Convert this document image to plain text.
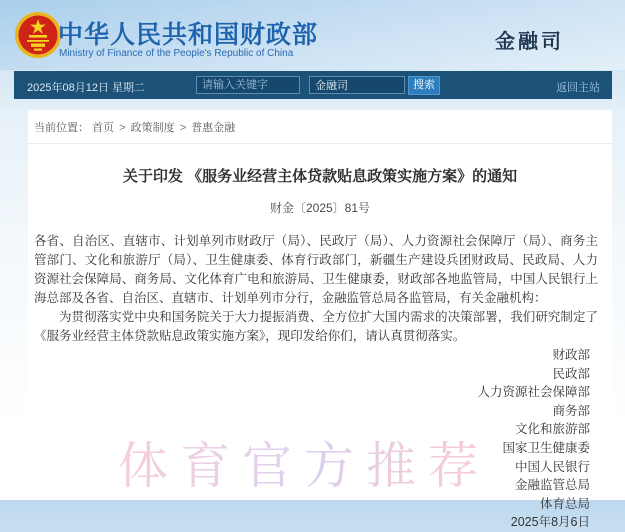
中华人民共和国财政部
Ministry of Finance of the People's Republic of China
金融司
2025年08月12日 星期二
请输入关键字
金融司	搜索	返回主站
当前位置： 首页 > 政策制度 > 普惠金融
关于印发 《服务业经营主体贷款贴息政策实施方案》的通知
财金〔2025〕81号

各省、自治区、直辖市、计划单列市财政厅（局）、民政厅（局）、人力资源社会保障厅（局）、商务主管部门、文化和旅游厅（局）、卫生健康委、体育行政部门，新疆生产建设兵团财政局、民政局、人力资源社会保障局、商务局、文化体育广电和旅游局、卫生健康委，财政部各地监管局，中国人民银行上海总部及各省、自治区、直辖市、计划单列市分行，金融监管总局各监管局，有关金融机构：

为贯彻落实党中央和国务院关于大力提振消费、全方位扩大国内需求的决策部署，我们研究制定了《服务业经营主体贷款贴息政策实施方案》，现印发给你们，请认真贯彻落实。

财政部
民政部
人力资源社会保障部
商务部
文化和旅游部
国家卫生健康委
中国人民银行
金融监管总局
体育总局
2025年8月6日
